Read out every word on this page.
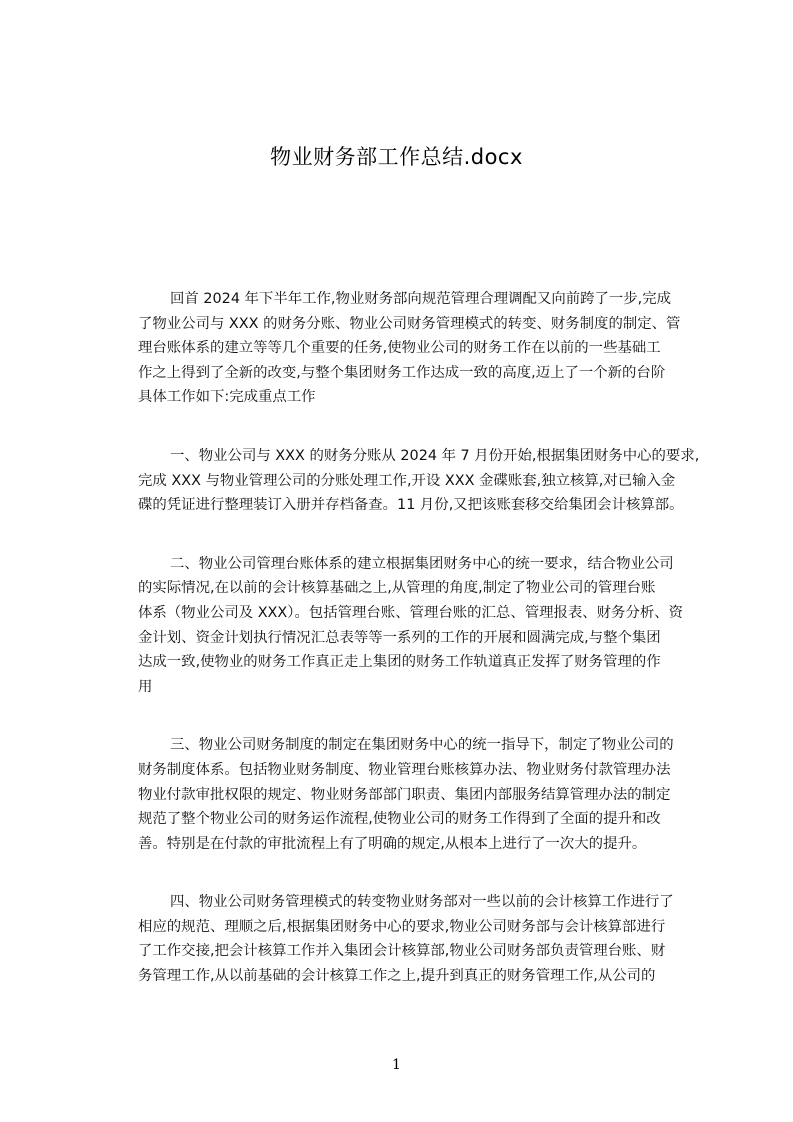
物业财务部工作总结.docx

回首 2024 年下半年工作,物业财务部向规范管理合理调配又向前跨了一步,完成
了物业公司与 XXX 的财务分账、物业公司财务管理模式的转变、财务制度的制定、管
理台账体系的建立等等几个重要的任务,使物业公司的财务工作在以前的一些基础工
作之上得到了全新的改变,与整个集团财务工作达成一致的高度,迈上了一个新的台阶
具体工作如下:完成重点工作

一、物业公司与 XXX 的财务分账从 2024 年 7 月份开始,根据集团财务中心的要求,
完成 XXX 与物业管理公司的分账处理工作,开设 XXX 金碟账套,独立核算,对已输入金
碟的凭证进行整理装订入册并存档备查。11 月份,又把该账套移交给集团会计核算部。

二、物业公司管理台账体系的建立根据集团财务中心的统一要求，结合物业公司
的实际情况,在以前的会计核算基础之上,从管理的角度,制定了物业公司的管理台账
体系（物业公司及 XXX）。包括管理台账、管理台账的汇总、管理报表、财务分析、资
金计划、资金计划执行情况汇总表等等一系列的工作的开展和圆满完成,与整个集团
达成一致,使物业的财务工作真正走上集团的财务工作轨道真正发挥了财务管理的作
用

三、物业公司财务制度的制定在集团财务中心的统一指导下，制定了物业公司的
财务制度体系。包括物业财务制度、物业管理台账核算办法、物业财务付款管理办法
物业付款审批权限的规定、物业财务部部门职责、集团内部服务结算管理办法的制定
规范了整个物业公司的财务运作流程,使物业公司的财务工作得到了全面的提升和改
善。特别是在付款的审批流程上有了明确的规定,从根本上进行了一次大的提升。

四、物业公司财务管理模式的转变物业财务部对一些以前的会计核算工作进行了
相应的规范、理顺之后,根据集团财务中心的要求,物业公司财务部与会计核算部进行
了工作交接,把会计核算工作并入集团会计核算部,物业公司财务部负责管理台账、财
务管理工作,从以前基础的会计核算工作之上,提升到真正的财务管理工作,从公司的

1
